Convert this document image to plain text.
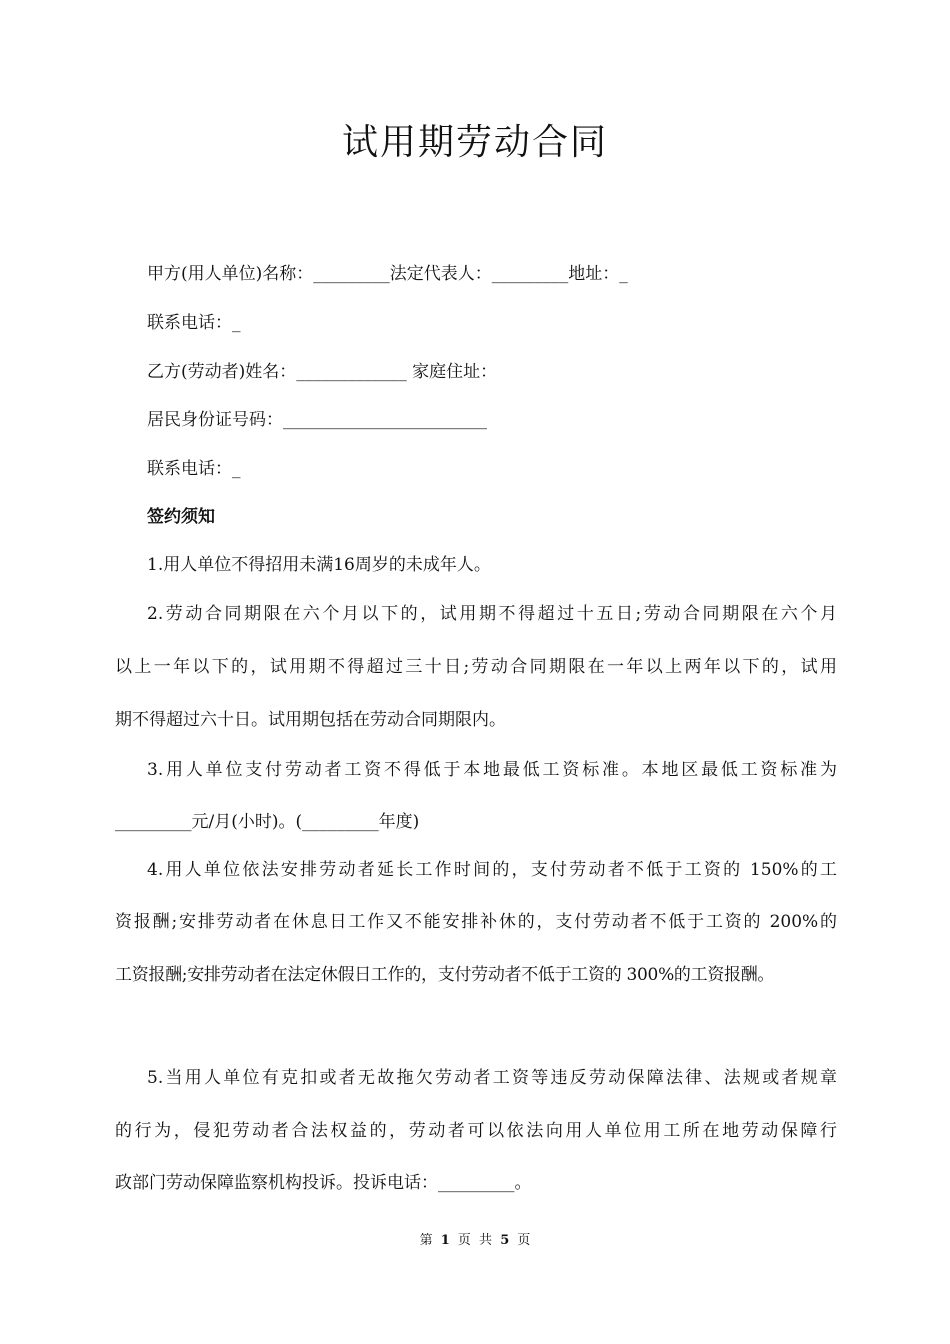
试用期劳动合同
甲方(用人单位)名称：_________法定代表人：_________地址：_
联系电话：_
乙方(劳动者)姓名：_____________ 家庭住址：
居民身份证号码：________________________
联系电话：_
签约须知
1.用人单位不得招用未满16周岁的未成年人。
2.劳动合同期限在六个月以下的，试用期不得超过十五日;劳动合同期限在六个月
以上一年以下的，试用期不得超过三十日;劳动合同期限在一年以上两年以下的，试用
期不得超过六十日。试用期包括在劳动合同期限内。
3.用人单位支付劳动者工资不得低于本地最低工资标准。本地区最低工资标准为
_________元/月(小时)。(_________年度)
4.用人单位依法安排劳动者延长工作时间的，支付劳动者不低于工资的 150%的工
资报酬;安排劳动者在休息日工作又不能安排补休的，支付劳动者不低于工资的 200%的
工资报酬;安排劳动者在法定休假日工作的，支付劳动者不低于工资的 300%的工资报酬。
5.当用人单位有克扣或者无故拖欠劳动者工资等违反劳动保障法律、法规或者规章
的行为，侵犯劳动者合法权益的，劳动者可以依法向用人单位用工所在地劳动保障行
政部门劳动保障监察机构投诉。投诉电话：_________。
第 1 页 共 5 页
